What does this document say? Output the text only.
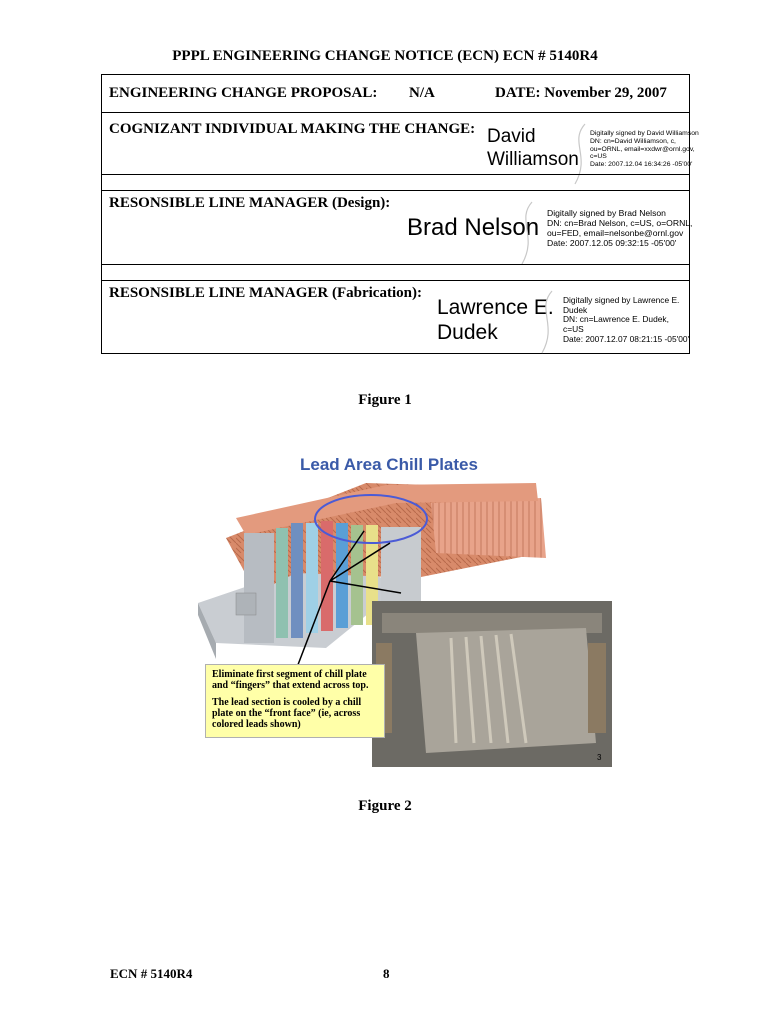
PPPL ENGINEERING CHANGE NOTICE (ECN) ECN # 5140R4
ENGINEERING CHANGE PROPOSAL: N/A	DATE: November 29, 2007
COGNIZANT INDIVIDUAL MAKING THE CHANGE: David
Williamson
Digitally signed by David Williamson
DN: cn=David Williamson, c,
ou=ORNL, email=xxdwr@ornl.gov,
c=US
Date: 2007.12.04 16:34:26 -05'00'
RESONSIBLE LINE MANAGER (Design):
Brad Nelson
Digitally signed by Brad Nelson
DN: cn=Brad Nelson, c=US, o=ORNL,
ou=FED, email=nelsonbe@ornl.gov
Date: 2007.12.05 09:32:15 -05'00'
RESONSIBLE LINE MANAGER (Fabrication):
Lawrence E.
Dudek
Digitally signed by Lawrence E.
Dudek
DN: cn=Lawrence E. Dudek,
c=US
Date: 2007.12.07 08:21:15 -05'00'
Figure 1
Lead Area Chill Plates
3

Eliminate first segment of chill plate and “fingers” that extend across top.

The lead section is cooled by a chill plate on the “front face” (ie, across colored leads shown)

Figure 2
ECN # 5140R4	8
